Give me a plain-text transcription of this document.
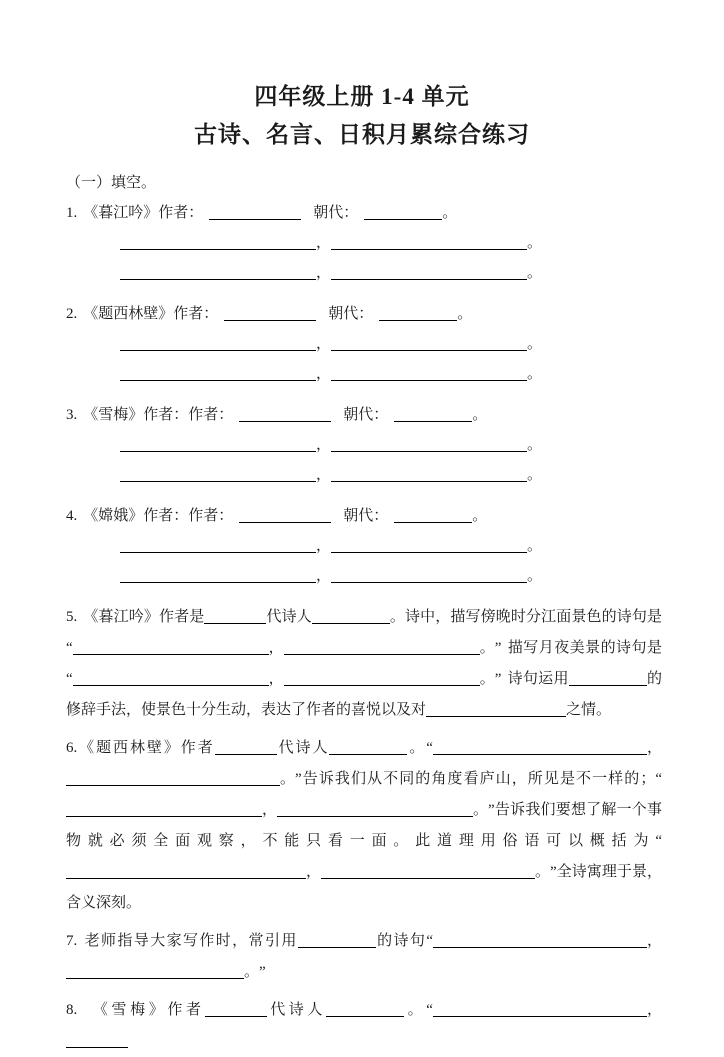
四年级上册 1-4 单元
古诗、名言、日积月累综合练习
（一）填空。
1. 《暮江吟》作者：	朝代：	。
，	。
，	。
2. 《题西林壁》作者：	朝代：	。
，	。
，	。
3. 《雪梅》作者：作者：	朝代：	。
，	。
，	。
4. 《嫦娥》作者：作者：	朝代：	。
，	。
，	。
5. 《暮江吟》作者是	代诗人	。诗中，描写傍晚时分江面景色的诗句是“	，	。” 描写月夜美景的诗句是“	，	。” 诗句运用	的修辞手法，使景色十分生动，表达了作者的喜悦以及对	之情。
6.《题西林壁》作者	代诗人	。“	，。”告诉我们从不同的角度看庐山，所见是不一样的；“，	。”告诉我们要想了解一个事物就必须全面观察，不能只看一面。此道理用俗语可以概括为“，	。”全诗寓理于景，含义深刻。
7. 老师指导大家写作时，常引用	的诗句“	，。”
8. 《雪梅》作者	代诗人	。“	，
